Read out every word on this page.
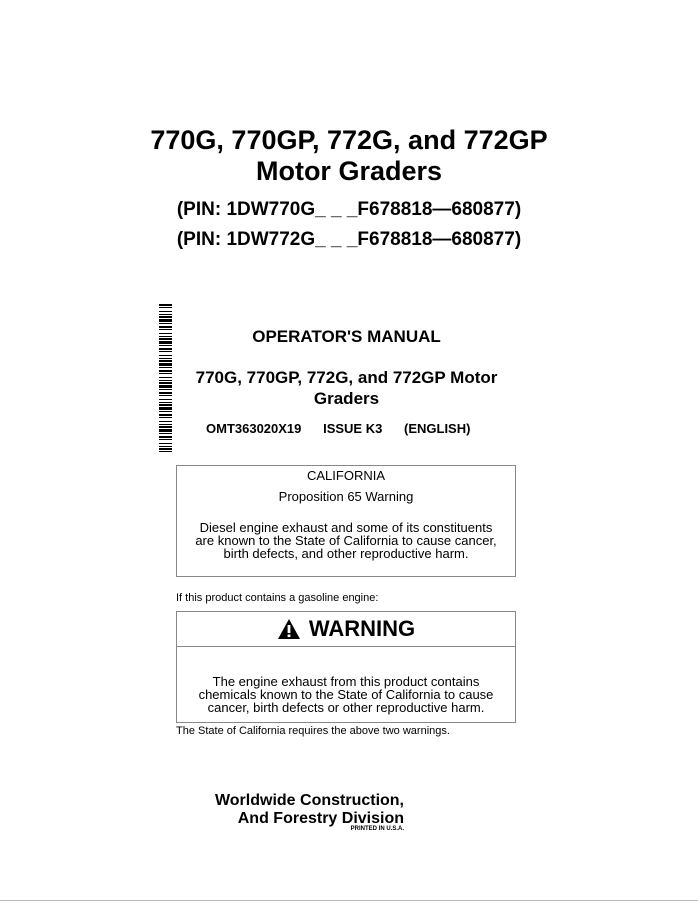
770G, 770GP, 772G, and 772GP
Motor Graders
(PIN: 1DW770G_ _ _F678818—680877)
(PIN: 1DW772G_ _ _F678818—680877)
OPERATOR'S MANUAL
770G, 770GP, 772G, and 772GP Motor
Graders
OMT363020X19 ISSUE K3 (ENGLISH)
CALIFORNIA
Proposition 65 Warning
Diesel engine exhaust and some of its constituents
are known to the State of California to cause cancer,
birth defects, and other reproductive harm.
If this product contains a gasoline engine:
WARNING
The engine exhaust from this product contains
chemicals known to the State of California to cause
cancer, birth defects or other reproductive harm.
The State of California requires the above two warnings.
Worldwide Construction,
And Forestry Division
PRINTED IN U.S.A.
